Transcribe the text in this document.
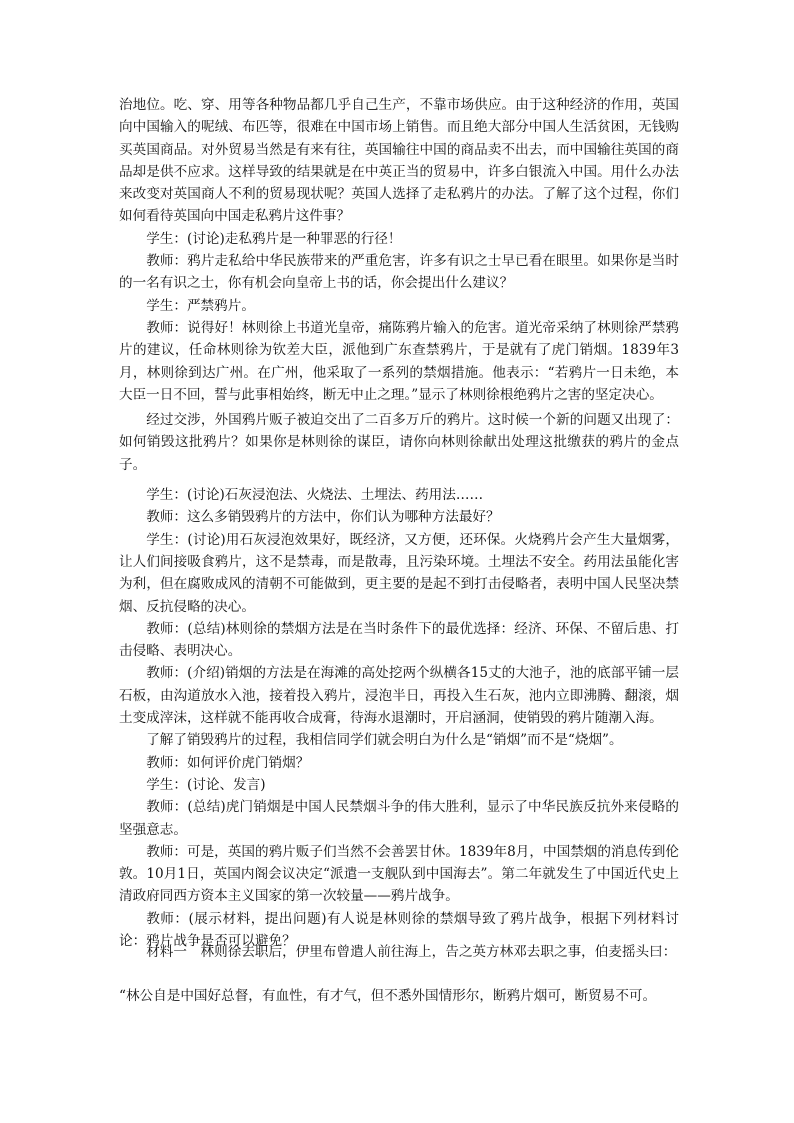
治地位。吃、穿、用等各种物品都几乎自己生产，不靠市场供应。由于这种经济的作用，英国向中国输入的呢绒、布匹等，很难在中国市场上销售。而且绝大部分中国人生活贫困，无钱购买英国商品。对外贸易当然是有来有往，英国输往中国的商品卖不出去，而中国输往英国的商品却是供不应求。这样导致的结果就是在中英正当的贸易中，许多白银流入中国。用什么办法来改变对英国商人不利的贸易现状呢？英国人选择了走私鸦片的办法。了解了这个过程，你们如何看待英国向中国走私鸦片这件事？

学生：(讨论)走私鸦片是一种罪恶的行径！

教师：鸦片走私给中华民族带来的严重危害，许多有识之士早已看在眼里。如果你是当时的一名有识之士，你有机会向皇帝上书的话，你会提出什么建议？

学生：严禁鸦片。

教师：说得好！林则徐上书道光皇帝，痛陈鸦片输入的危害。道光帝采纳了林则徐严禁鸦片的建议，任命林则徐为钦差大臣，派他到广东查禁鸦片，于是就有了虎门销烟。1839年3月，林则徐到达广州。在广州，他采取了一系列的禁烟措施。他表示：“若鸦片一日未绝，本大臣一日不回，誓与此事相始终，断无中止之理。”显示了林则徐根绝鸦片之害的坚定决心。

经过交涉，外国鸦片贩子被迫交出了二百多万斤的鸦片。这时候一个新的问题又出现了：如何销毁这批鸦片？如果你是林则徐的谋臣，请你向林则徐献出处理这批缴获的鸦片的金点子。

学生：(讨论)石灰浸泡法、火烧法、土埋法、药用法……

教师：这么多销毁鸦片的方法中，你们认为哪种方法最好？

学生：(讨论)用石灰浸泡效果好，既经济，又方便，还环保。火烧鸦片会产生大量烟雾，让人们间接吸食鸦片，这不是禁毒，而是散毒，且污染环境。土埋法不安全。药用法虽能化害为利，但在腐败成风的清朝不可能做到，更主要的是起不到打击侵略者，表明中国人民坚决禁烟、反抗侵略的决心。

教师：(总结)林则徐的禁烟方法是在当时条件下的最优选择：经济、环保、不留后患、打击侵略、表明决心。

教师：(介绍)销烟的方法是在海滩的高处挖两个纵横各15丈的大池子，池的底部平铺一层石板，由沟道放水入池，接着投入鸦片，浸泡半日，再投入生石灰，池内立即沸腾、翻滚，烟土变成滓沫，这样就不能再收合成膏，待海水退潮时，开启涵洞，使销毁的鸦片随潮入海。

了解了销毁鸦片的过程，我相信同学们就会明白为什么是“销烟”而不是“烧烟”。

教师：如何评价虎门销烟？

学生：(讨论、发言)

教师：(总结)虎门销烟是中国人民禁烟斗争的伟大胜利，显示了中华民族反抗外来侵略的坚强意志。

教师：可是，英国的鸦片贩子们当然不会善罢甘休。1839年8月，中国禁烟的消息传到伦敦。10月1日，英国内阁会议决定“派遣一支舰队到中国海去”。第二年就发生了中国近代史上清政府同西方资本主义国家的第一次较量——鸦片战争。

教师：(展示材料，提出问题)有人说是林则徐的禁烟导致了鸦片战争，根据下列材料讨论：鸦片战争是否可以避免？

材料一　林则徐去职后，伊里布曾遣人前往海上，告之英方林邓去职之事，伯麦摇头曰：
“林公自是中国好总督，有血性，有才气，但不悉外国情形尔，断鸦片烟可，断贸易不可。
